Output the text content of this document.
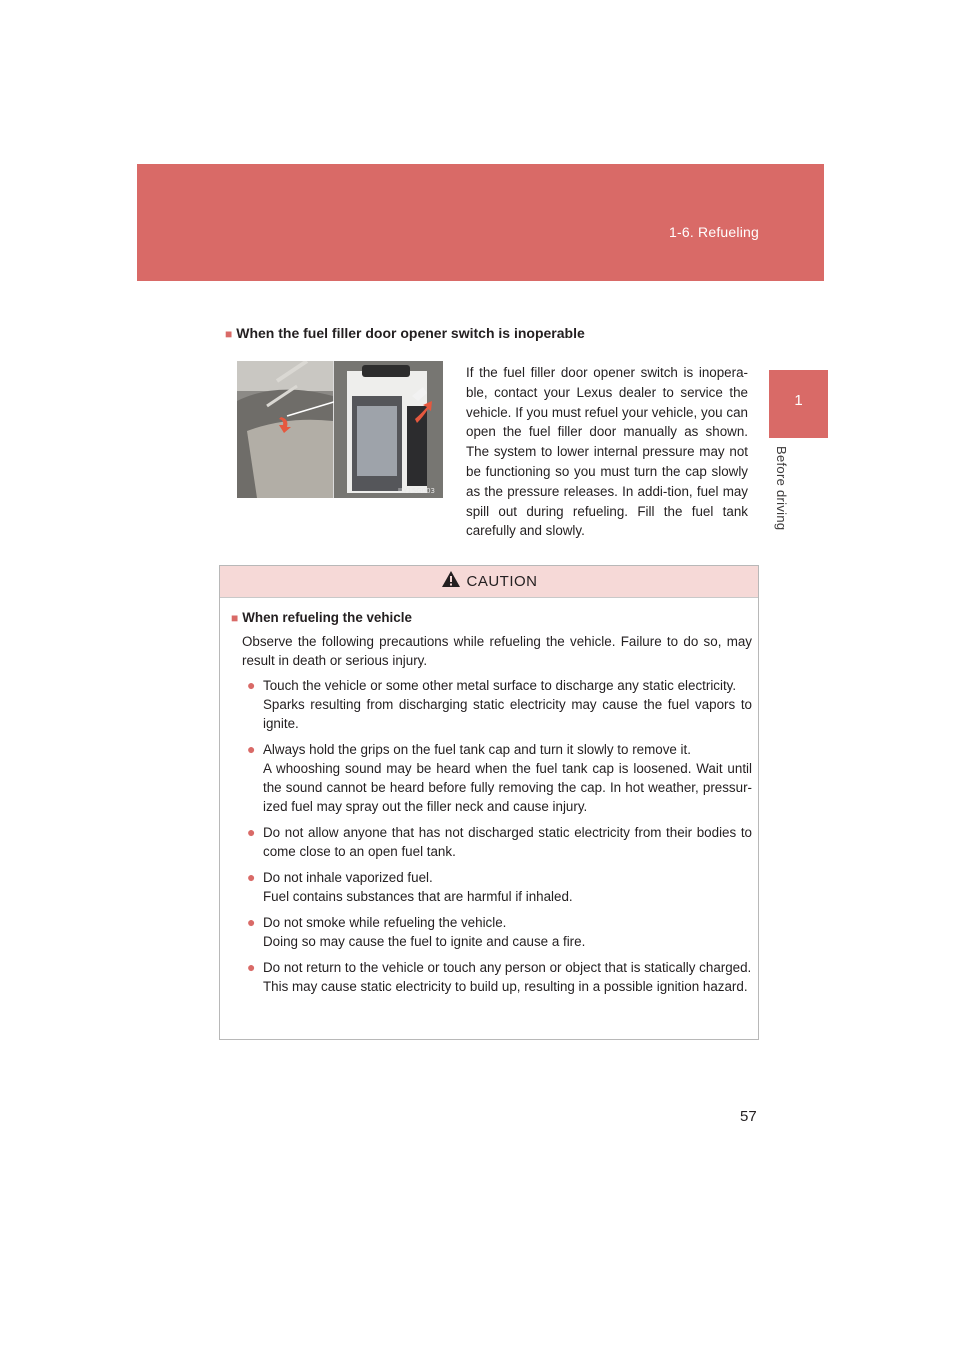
1-6. Refueling
1
Before driving
■ When the fuel filler door opener switch is inoperable
ILY15G003
If the fuel filler door opener switch is inopera-ble, contact your Lexus dealer to service the vehicle. If you must refuel your vehicle, you can open the fuel filler door manually as shown. The system to lower internal pressure may not be functioning so you must turn the cap slowly as the pressure releases. In addi-tion, fuel may spill out during refueling. Fill the fuel tank carefully and slowly.
CAUTION
■ When refueling the vehicle
Observe the following precautions while refueling the vehicle. Failure to do so, may result in death or serious injury.
● Touch the vehicle or some other metal surface to discharge any static electricity.
Sparks resulting from discharging static electricity may cause the fuel vapors to ignite.
● Always hold the grips on the fuel tank cap and turn it slowly to remove it.
A whooshing sound may be heard when the fuel tank cap is loosened. Wait until the sound cannot be heard before fully removing the cap. In hot weather, pressur-ized fuel may spray out the filler neck and cause injury.
● Do not allow anyone that has not discharged static electricity from their bodies to come close to an open fuel tank.
● Do not inhale vaporized fuel.
Fuel contains substances that are harmful if inhaled.
● Do not smoke while refueling the vehicle.
Doing so may cause the fuel to ignite and cause a fire.
● Do not return to the vehicle or touch any person or object that is statically charged.
This may cause static electricity to build up, resulting in a possible ignition hazard.
57
